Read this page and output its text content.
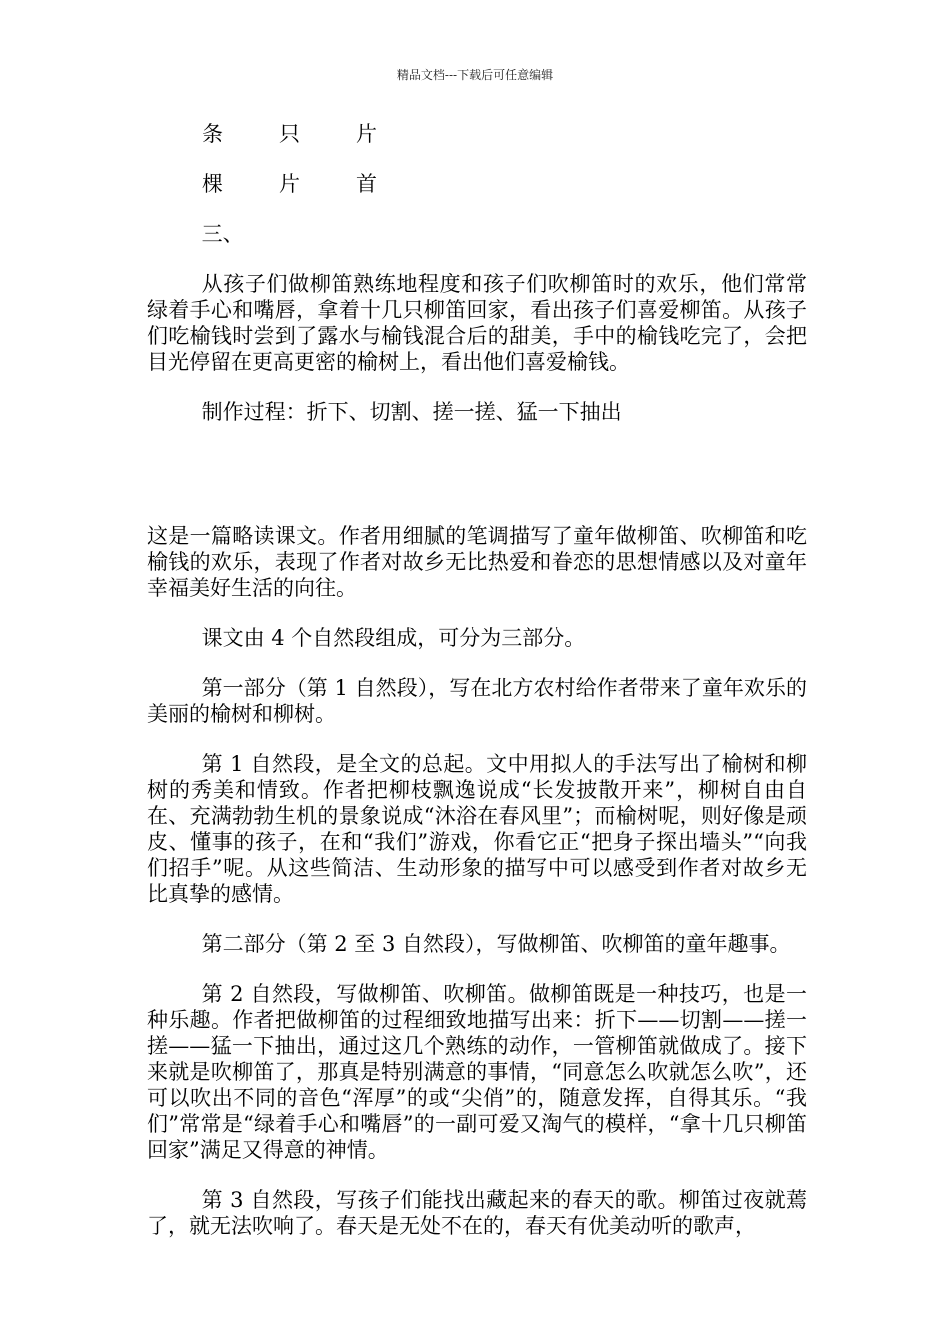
精品文档---下载后可任意编辑
条	只	片
棵	片	首

三、

从孩子们做柳笛熟练地程度和孩子们吹柳笛时的欢乐，他们常常绿着手心和嘴唇，拿着十几只柳笛回家，看出孩子们喜爱柳笛。从孩子们吃榆钱时尝到了露水与榆钱混合后的甜美，手中的榆钱吃完了，会把目光停留在更高更密的榆树上，看出他们喜爱榆钱。

制作过程：折下、切割、搓一搓、猛一下抽出

这是一篇略读课文。作者用细腻的笔调描写了童年做柳笛、吹柳笛和吃榆钱的欢乐，表现了作者对故乡无比热爱和眷恋的思想情感以及对童年幸福美好生活的向往。

课文由 4 个自然段组成，可分为三部分。

第一部分（第 1 自然段），写在北方农村给作者带来了童年欢乐的美丽的榆树和柳树。

第 1 自然段，是全文的总起。文中用拟人的手法写出了榆树和柳树的秀美和情致。作者把柳枝飘逸说成“长发披散开来”，柳树自由自在、充满勃勃生机的景象说成“沐浴在春风里”；而榆树呢，则好像是顽皮、懂事的孩子，在和“我们”游戏，你看它正“把身子探出墙头”“向我们招手”呢。从这些简洁、生动形象的描写中可以感受到作者对故乡无比真挚的感情。

第二部分（第 2 至 3 自然段），写做柳笛、吹柳笛的童年趣事。

第 2 自然段，写做柳笛、吹柳笛。做柳笛既是一种技巧，也是一种乐趣。作者把做柳笛的过程细致地描写出来：折下——切割——搓一搓——猛一下抽出，通过这几个熟练的动作，一管柳笛就做成了。接下来就是吹柳笛了，那真是特别满意的事情，“同意怎么吹就怎么吹”，还可以吹出不同的音色“浑厚”的或“尖俏”的，随意发挥，自得其乐。“我们”常常是“绿着手心和嘴唇”的一副可爱又淘气的模样，“拿十几只柳笛回家”满足又得意的神情。

第 3 自然段，写孩子们能找出藏起来的春天的歌。柳笛过夜就蔫了，就无法吹响了。春天是无处不在的，春天有优美动听的歌声，
